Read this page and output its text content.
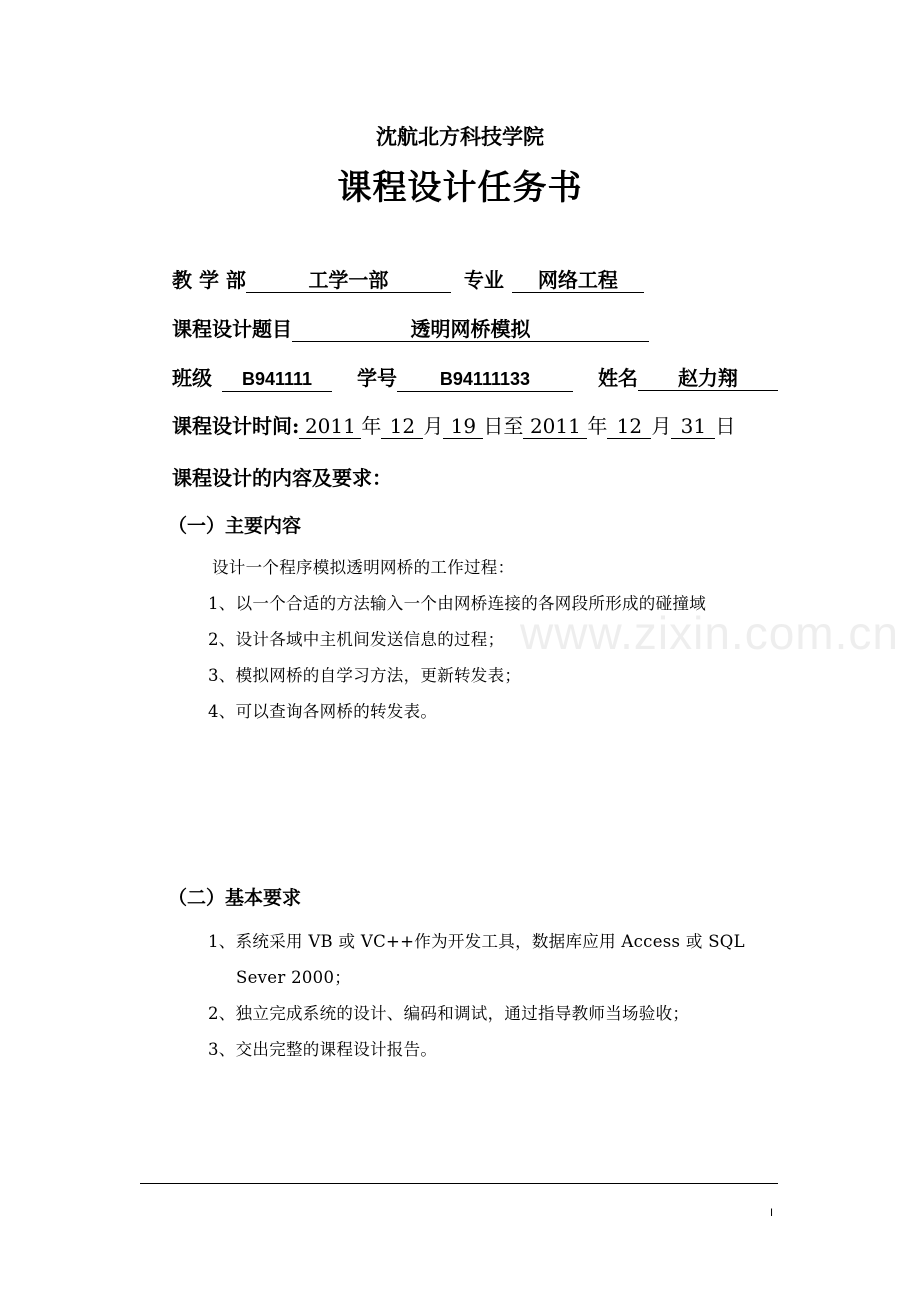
沈航北方科技学院
课程设计任务书
教 学 部	工学一部	专业 网络工程
课程设计题目	透明网桥模拟
班级 B941111 学号 B94111133	姓名 赵力翔
课程设计时间: 2011 年 12 月 19 日至 2011 年 12 月 31 日
课程设计的内容及要求：
（一）主要内容
设计一个程序模拟透明网桥的工作过程：
1、以一个合适的方法输入一个由网桥连接的各网段所形成的碰撞域
2、设计各域中主机间发送信息的过程；
3、模拟网桥的自学习方法，更新转发表；
4、可以查询各网桥的转发表。
www.zixin.com.cn
（二）基本要求
1、系统采用 VB 或 VC++作为开发工具，数据库应用 Access 或 SQL
Sever 2000；
2、独立完成系统的设计、编码和调试，通过指导教师当场验收；
3、交出完整的课程设计报告。
I
